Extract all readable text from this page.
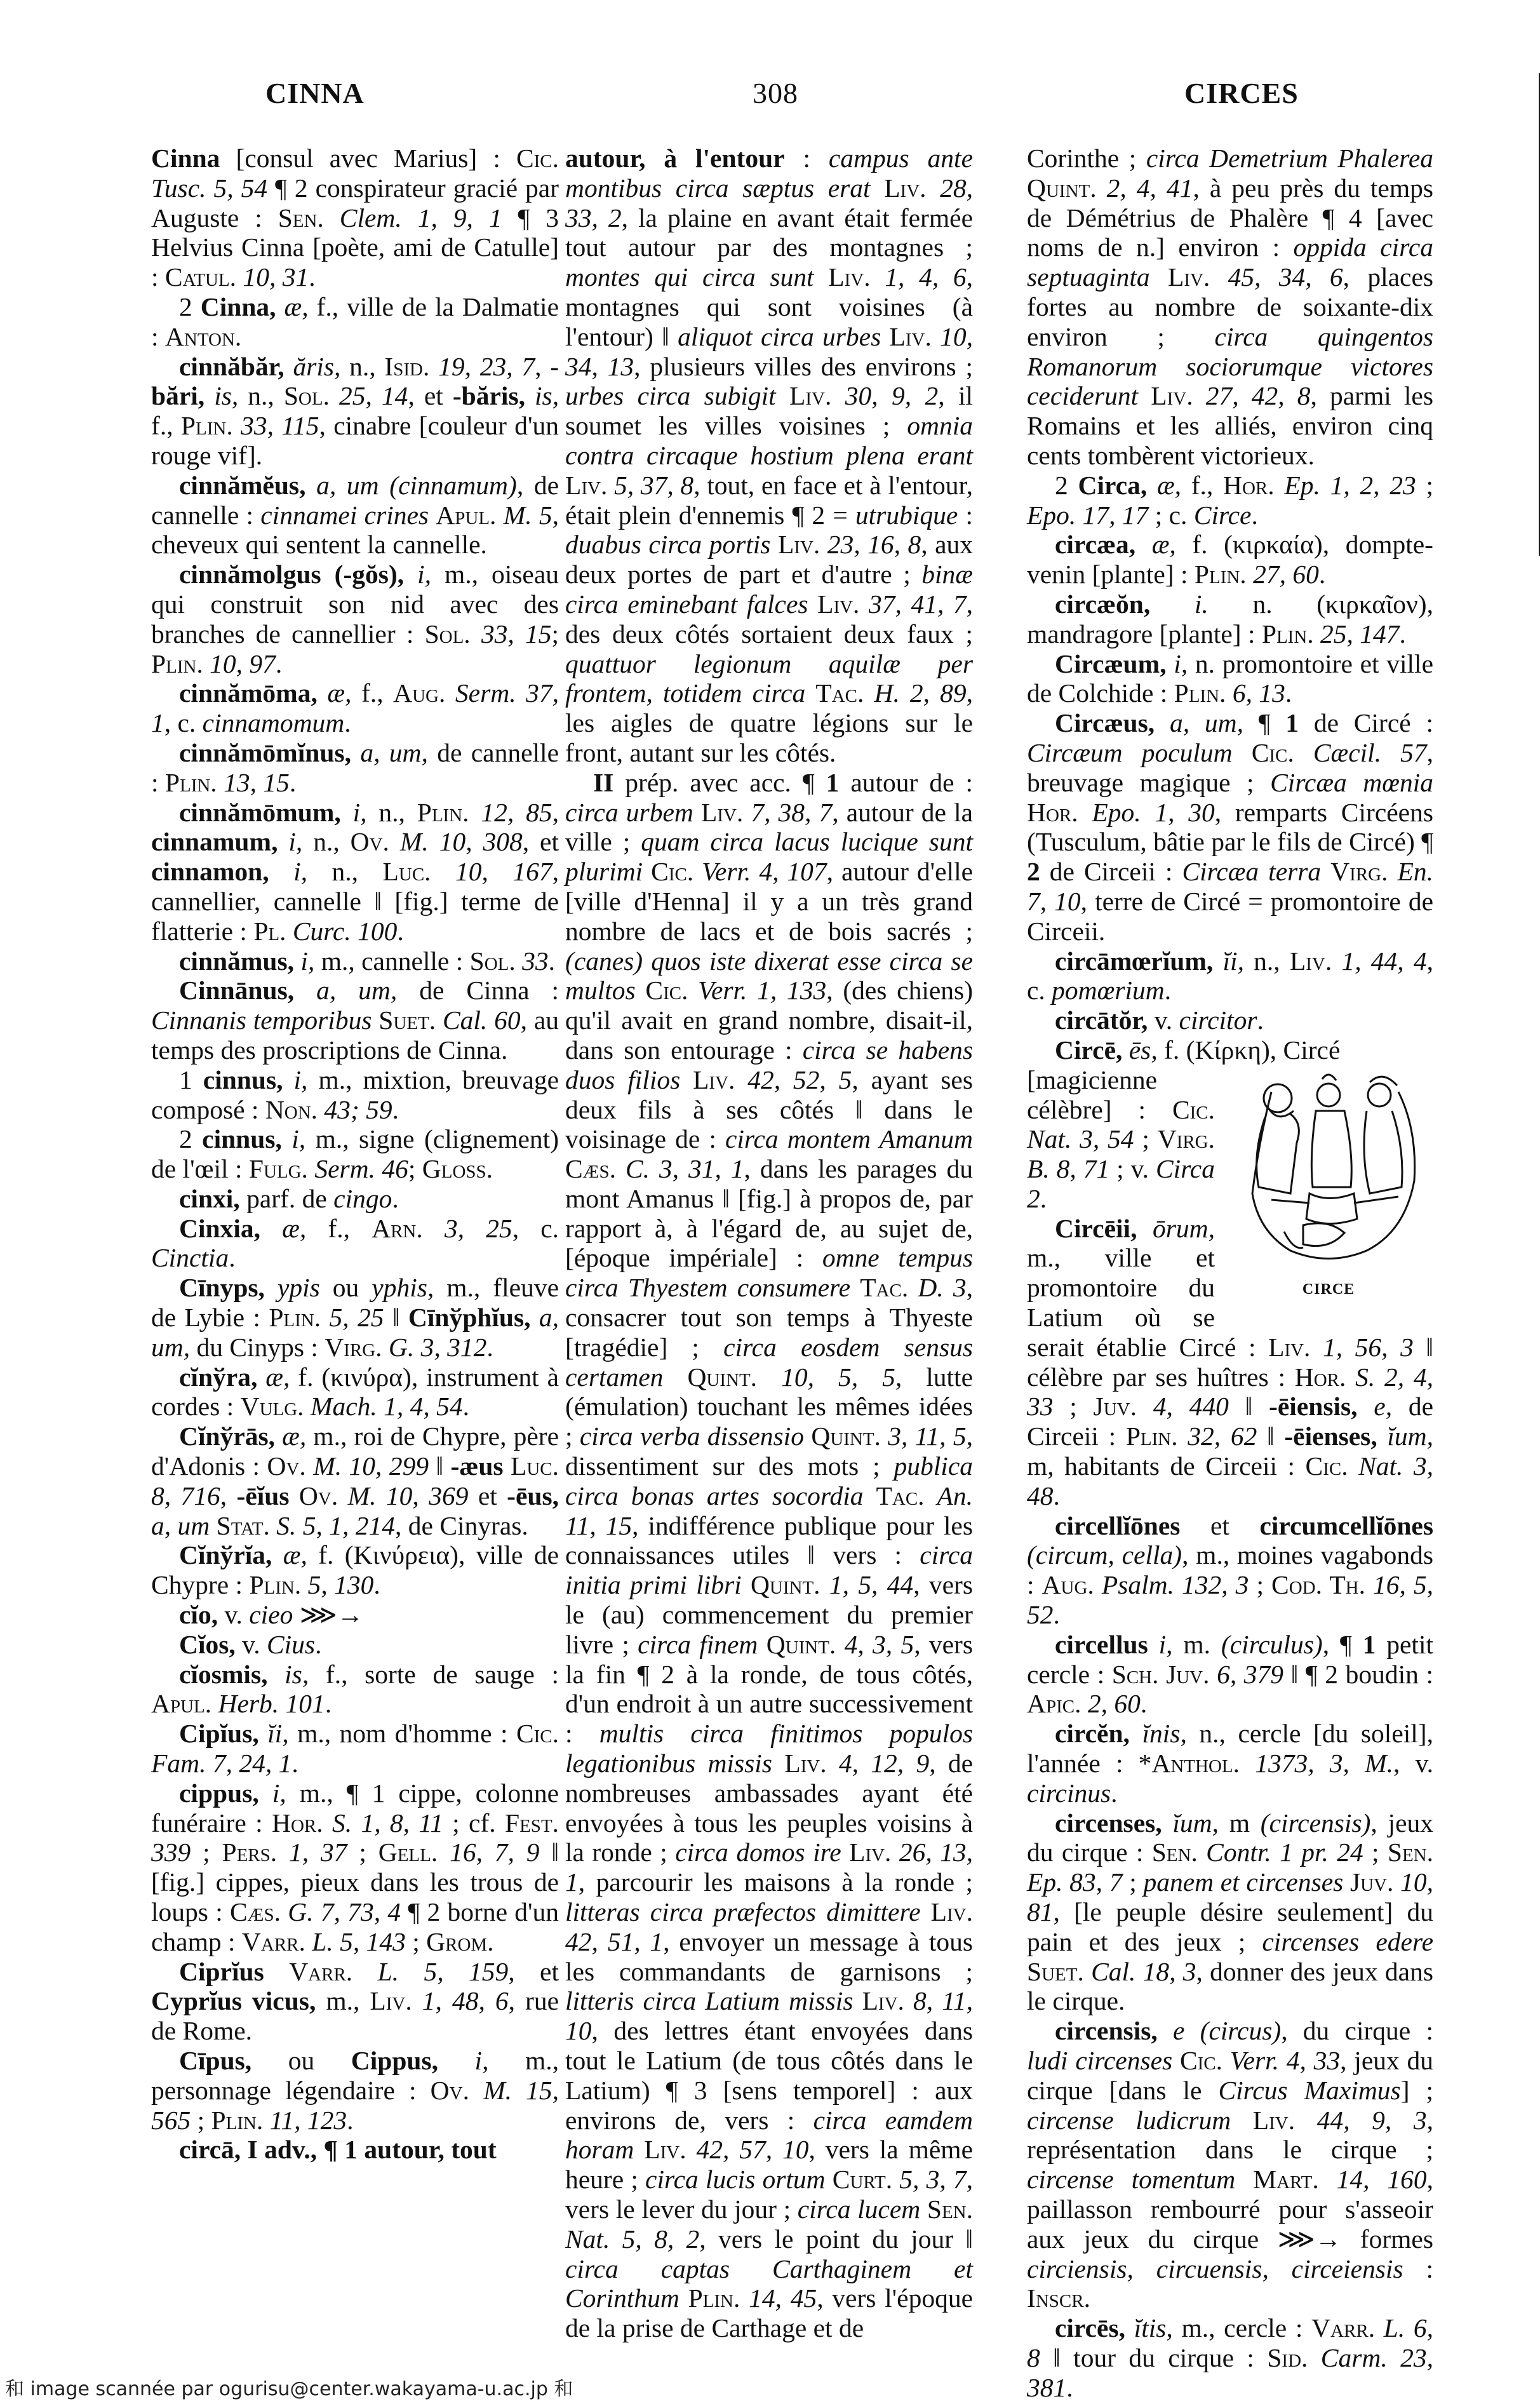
CINNA	308	CIRCES

Cinna [consul avec Marius] : Cic. Tusc. 5, 54 ¶ 2 conspirateur gracié par Auguste : Sen. Clem. 1, 9, 1 ¶ 3 Helvius Cinna [poète, ami de Catulle] : Catul. 10, 31.

2 Cinna, æ, f., ville de la Dalmatie : Anton.

cinnăbăr, ăris, n., Isid. 19, 23, 7, -bări, is, n., Sol. 25, 14, et -băris, is, f., Plin. 33, 115, cinabre [couleur d'un rouge vif].

cinnămĕus, a, um (cinnamum), de cannelle : cinnamei crines Apul. M. 5, cheveux qui sentent la cannelle.

cinnămolgus (-gŏs), i, m., oiseau qui construit son nid avec des branches de cannellier : Sol. 33, 15; Plin. 10, 97.

cinnămōma, æ, f., Aug. Serm. 37, 1, c. cinnamomum.

cinnămōmĭnus, a, um, de cannelle : Plin. 13, 15.

cinnămōmum, i, n., Plin. 12, 85, cinnamum, i, n., Ov. M. 10, 308, et cinnamon, i, n., Luc. 10, 167, cannellier, cannelle ‖ [fig.] terme de flatterie : Pl. Curc. 100.

cinnămus, i, m., cannelle : Sol. 33.

Cinnānus, a, um, de Cinna : Cinnanis temporibus Suet. Cal. 60, au temps des proscriptions de Cinna.

1 cinnus, i, m., mixtion, breuvage composé : Non. 43; 59.

2 cinnus, i, m., signe (clignement) de l'œil : Fulg. Serm. 46; Gloss.

cinxi, parf. de cingo.

Cinxia, æ, f., Arn. 3, 25, c. Cinctia.

Cīnyps, ypis ou yphis, m., fleuve de Lybie : Plin. 5, 25 ‖ Cīnўphĭus, a, um, du Cinyps : Virg. G. 3, 312.

cĭnўra, æ, f. (κινύρα), instrument à cordes : Vulg. Mach. 1, 4, 54.

Cĭnўrās, æ, m., roi de Chypre, père d'Adonis : Ov. M. 10, 299 ‖ -æus Luc. 8, 716, -ēĭus Ov. M. 10, 369 et -ēus, a, um Stat. S. 5, 1, 214, de Cinyras.

Cĭnўrĭa, æ, f. (Κινύρεια), ville de Chypre : Plin. 5, 130.

cĭo, v. cieo ⋙→

Cĭos, v. Cius.

cĭosmis, is, f., sorte de sauge : Apul. Herb. 101.

Cipĭus, ĭi, m., nom d'homme : Cic. Fam. 7, 24, 1.

cippus, i, m., ¶ 1 cippe, colonne funéraire : Hor. S. 1, 8, 11 ; cf. Fest. 339 ; Pers. 1, 37 ; Gell. 16, 7, 9 ‖ [fig.] cippes, pieux dans les trous de loups : Cæs. G. 7, 73, 4 ¶ 2 borne d'un champ : Varr. L. 5, 143 ; Grom.

Ciprĭus Varr. L. 5, 159, et Cyprĭus vicus, m., Liv. 1, 48, 6, rue de Rome.

Cīpus, ou Cippus, i, m., personnage légendaire : Ov. M. 15, 565 ; Plin. 11, 123.

circā, I adv., ¶ 1 autour, tout

autour, à l'entour : campus ante montibus circa sæptus erat Liv. 28, 33, 2, la plaine en avant était fermée tout autour par des montagnes ; montes qui circa sunt Liv. 1, 4, 6, montagnes qui sont voisines (à l'entour) ‖ aliquot circa urbes Liv. 10, 34, 13, plusieurs villes des environs ; urbes circa subigit Liv. 30, 9, 2, il soumet les villes voisines ; omnia contra circaque hostium plena erant Liv. 5, 37, 8, tout, en face et à l'entour, était plein d'ennemis ¶ 2 = utrubique : duabus circa portis Liv. 23, 16, 8, aux deux portes de part et d'autre ; binæ circa eminebant falces Liv. 37, 41, 7, des deux côtés sortaient deux faux ; quattuor legionum aquilæ per frontem, totidem circa Tac. H. 2, 89, les aigles de quatre légions sur le front, autant sur les côtés.

II prép. avec acc. ¶ 1 autour de : circa urbem Liv. 7, 38, 7, autour de la ville ; quam circa lacus lucique sunt plurimi Cic. Verr. 4, 107, autour d'elle [ville d'Henna] il y a un très grand nombre de lacs et de bois sacrés ; (canes) quos iste dixerat esse circa se multos Cic. Verr. 1, 133, (des chiens) qu'il avait en grand nombre, disait-il, dans son entourage : circa se habens duos filios Liv. 42, 52, 5, ayant ses deux fils à ses côtés ‖ dans le voisinage de : circa montem Amanum Cæs. C. 3, 31, 1, dans les parages du mont Amanus ‖ [fig.] à propos de, par rapport à, à l'égard de, au sujet de, [époque impériale] : omne tempus circa Thyestem consumere Tac. D. 3, consacrer tout son temps à Thyeste [tragédie] ; circa eosdem sensus certamen Quint. 10, 5, 5, lutte (émulation) touchant les mêmes idées ; circa verba dissensio Quint. 3, 11, 5, dissentiment sur des mots ; publica circa bonas artes socordia Tac. An. 11, 15, indifférence publique pour les connaissances utiles ‖ vers : circa initia primi libri Quint. 1, 5, 44, vers le (au) commencement du premier livre ; circa finem Quint. 4, 3, 5, vers la fin ¶ 2 à la ronde, de tous côtés, d'un endroit à un autre successivement : multis circa finitimos populos legationibus missis Liv. 4, 12, 9, de nombreuses ambassades ayant été envoyées à tous les peuples voisins à la ronde ; circa domos ire Liv. 26, 13, 1, parcourir les maisons à la ronde ; litteras circa præfectos dimittere Liv. 42, 51, 1, envoyer un message à tous les commandants de garnisons ; litteris circa Latium missis Liv. 8, 11, 10, des lettres étant envoyées dans tout le Latium (de tous côtés dans le Latium) ¶ 3 [sens temporel] : aux environs de, vers : circa eamdem horam Liv. 42, 57, 10, vers la même heure ; circa lucis ortum Curt. 5, 3, 7, vers le lever du jour ; circa lucem Sen. Nat. 5, 8, 2, vers le point du jour ‖ circa captas Carthaginem et Corinthum Plin. 14, 45, vers l'époque de la prise de Carthage et de

Corinthe ; circa Demetrium Phalerea Quint. 2, 4, 41, à peu près du temps de Démétrius de Phalère ¶ 4 [avec noms de n.] environ : oppida circa septuaginta Liv. 45, 34, 6, places fortes au nombre de soixante-dix environ ; circa quingentos Romanorum sociorumque victores ceciderunt Liv. 27, 42, 8, parmi les Romains et les alliés, environ cinq cents tombèrent victorieux.

2 Circa, æ, f., Hor. Ep. 1, 2, 23 ; Epo. 17, 17 ; c. Circe.

circæa, æ, f. (κιρκαία), dompte-venin [plante] : Plin. 27, 60.

circæŏn, i. n. (κιρκαῖον), mandragore [plante] : Plin. 25, 147.

Circæum, i, n. promontoire et ville de Colchide : Plin. 6, 13.

Circæus, a, um, ¶ 1 de Circé : Circæum poculum Cic. Cæcil. 57, breuvage magique ; Circæa mœnia Hor. Epo. 1, 30, remparts Circéens (Tusculum, bâtie par le fils de Circé) ¶ 2 de Circeii : Circæa terra Virg. En. 7, 10, terre de Circé = promontoire de Circeii.

circāmœrĭum, ĭi, n., Liv. 1, 44, 4, c. pomœrium.

circātŏr, v. circitor.

Circē, ēs, f. (Κίρκη), Circé

CIRCE

[magicienne célèbre] : Cic. Nat. 3, 54 ; Virg. B. 8, 71 ; v. Circa 2.

Circēii, ōrum, m., ville et promontoire du Latium où se serait établie Circé : Liv. 1, 56, 3 ‖ célèbre par ses huîtres : Hor. S. 2, 4, 33 ; Juv. 4, 440 ‖ -ēiensis, e, de Circeii : Plin. 32, 62 ‖ -ēienses, ĭum, m, habitants de Circeii : Cic. Nat. 3, 48.

circellĭōnes et circumcellĭōnes (circum, cella), m., moines vagabonds : Aug. Psalm. 132, 3 ; Cod. Th. 16, 5, 52.

circellus i, m. (circulus), ¶ 1 petit cercle : Sch. Juv. 6, 379 ‖ ¶ 2 boudin : Apic. 2, 60.

circĕn, ĭnis, n., cercle [du soleil], l'année : *Anthol. 1373, 3, M., v. circinus.

circenses, ĭum, m (circensis), jeux du cirque : Sen. Contr. 1 pr. 24 ; Sen. Ep. 83, 7 ; panem et circenses Juv. 10, 81, [le peuple désire seulement] du pain et des jeux ; circenses edere Suet. Cal. 18, 3, donner des jeux dans le cirque.

circensis, e (circus), du cirque : ludi circenses Cic. Verr. 4, 33, jeux du cirque [dans le Circus Maximus] ; circense ludicrum Liv. 44, 9, 3, représentation dans le cirque ; circense tomentum Mart. 14, 160, paillasson rembourré pour s'asseoir aux jeux du cirque ⋙→ formes circiensis, circuensis, circeiensis : Inscr.

circēs, ĭtis, m., cercle : Varr. L. 6, 8 ‖ tour du cirque : Sid. Carm. 23, 381.

和 image scannée par ogurisu@center.wakayama-u.ac.jp 和
